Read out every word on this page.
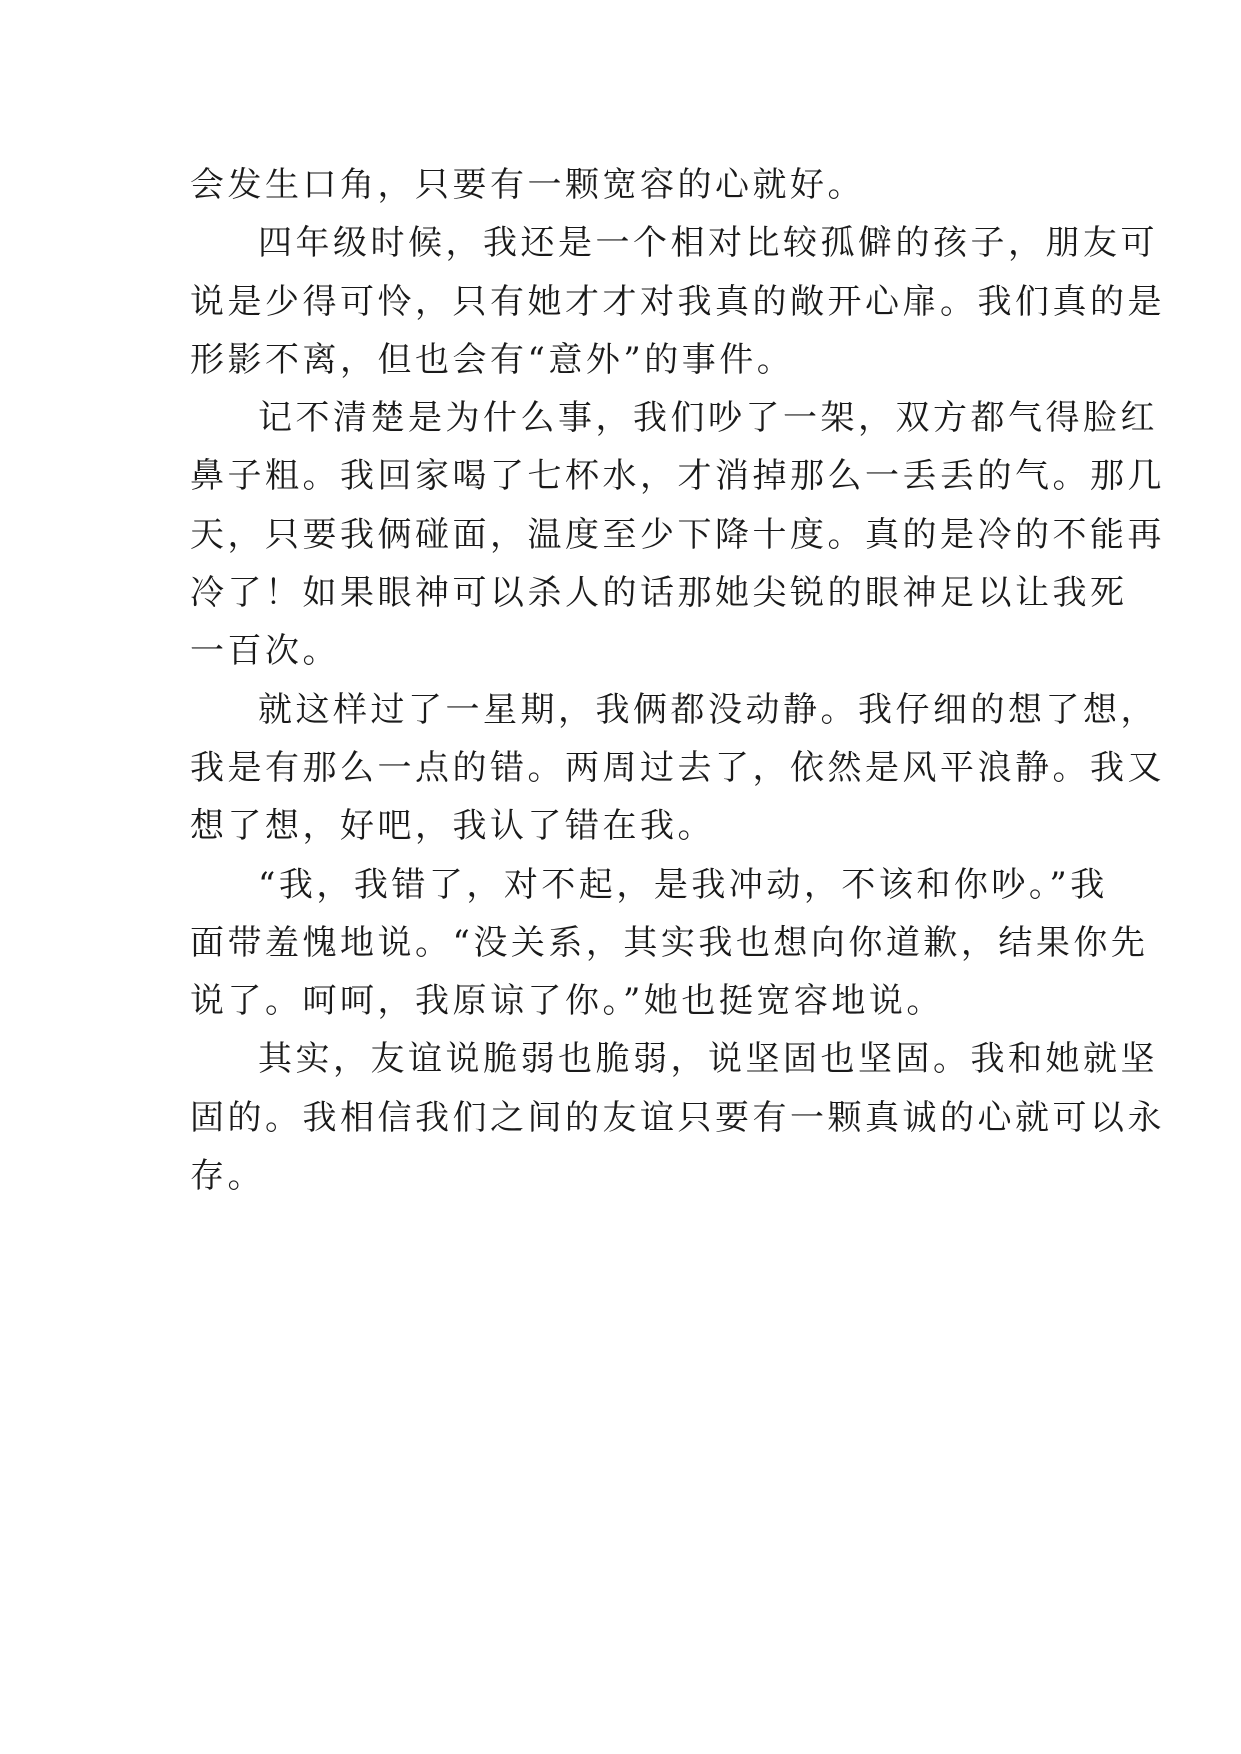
会发生口角，只要有一颗宽容的心就好。
四年级时候，我还是一个相对比较孤僻的孩子，朋友可
说是少得可怜，只有她才才对我真的敞开心扉。我们真的是
形影不离，但也会有“意外”的事件。
记不清楚是为什么事，我们吵了一架，双方都气得脸红
鼻子粗。我回家喝了七杯水，才消掉那么一丢丢的气。那几
天，只要我俩碰面，温度至少下降十度。真的是冷的不能再
冷了！如果眼神可以杀人的话那她尖锐的眼神足以让我死
一百次。
就这样过了一星期，我俩都没动静。我仔细的想了想，
我是有那么一点的错。两周过去了，依然是风平浪静。我又
想了想，好吧，我认了错在我。
“我，我错了，对不起，是我冲动，不该和你吵。”我
面带羞愧地说。“没关系，其实我也想向你道歉，结果你先
说了。呵呵，我原谅了你。”她也挺宽容地说。
其实，友谊说脆弱也脆弱，说坚固也坚固。我和她就坚
固的。我相信我们之间的友谊只要有一颗真诚的心就可以永
存。
